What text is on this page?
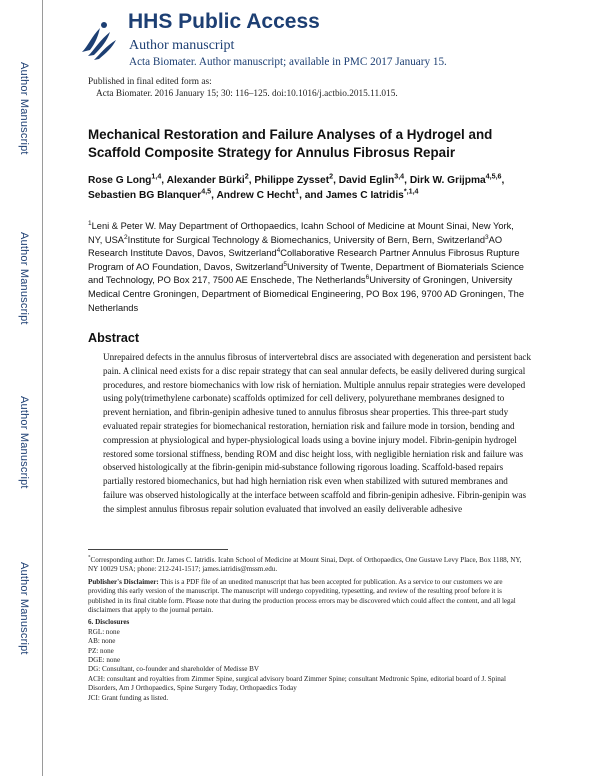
Author Manuscript
Author Manuscript
Author Manuscript
Author Manuscript
HHS Public Access
Author manuscript
Acta Biomater. Author manuscript; available in PMC 2017 January 15.
Published in final edited form as:
Acta Biomater. 2016 January 15; 30: 116–125. doi:10.1016/j.actbio.2015.11.015.
Mechanical Restoration and Failure Analyses of a Hydrogel and Scaffold Composite Strategy for Annulus Fibrosus Repair
Rose G Long$^{1,4}$, Alexander Bürki$^2$, Philippe Zysset$^2$, David Eglin$^{3,4}$, Dirk W. Grijpma$^{4,5,6}$, Sebastien BG Blanquer$^{4,5}$, Andrew C Hecht$^1$, and James C Iatridis$^{*,1,4}$
$^1$Leni & Peter W. May Department of Orthopaedics, Icahn School of Medicine at Mount Sinai, New York, NY, USA$^2$Institute for Surgical Technology & Biomechanics, University of Bern, Bern, Switzerland$^3$AO Research Institute Davos, Davos, Switzerland$^4$Collaborative Research Partner Annulus Fibrosus Rupture Program of AO Foundation, Davos, Switzerland$^5$University of Twente, Department of Biomaterials Science and Technology, PO Box 217, 7500 AE Enschede, The Netherlands$^6$University of Groningen, University Medical Centre Groningen, Department of Biomedical Engineering, PO Box 196, 9700 AD Groningen, The Netherlands
Abstract
Unrepaired defects in the annulus fibrosus of intervertebral discs are associated with degeneration and persistent back pain. A clinical need exists for a disc repair strategy that can seal annular defects, be easily delivered during surgical procedures, and restore biomechanics with low risk of herniation. Multiple annulus repair strategies were developed using poly(trimethylene carbonate) scaffolds optimized for cell delivery, polyurethane membranes designed to prevent herniation, and fibrin-genipin adhesive tuned to annulus fibrosus shear properties. This three-part study evaluated repair strategies for biomechanical restoration, herniation risk and failure mode in torsion, bending and compression at physiological and hyper-physiological loads using a bovine injury model. Fibrin-genipin hydrogel restored some torsional stiffness, bending ROM and disc height loss, with negligible herniation risk and failure was observed histologically at the fibrin-genipin mid-substance following rigorous loading. Scaffold-based repairs partially restored biomechanics, but had high herniation risk even when stabilized with sutured membranes and failure was observed histologically at the interface between scaffold and fibrin-genipin adhesive. Fibrin-genipin was the simplest annulus fibrosus repair solution evaluated that involved an easily deliverable adhesive

*Corresponding author: Dr. James C. Iatridis. Icahn School of Medicine at Mount Sinai, Dept. of Orthopaedics, One Gustave Levy Place, Box 1188, NY, NY 10029 USA; phone: 212-241-1517; james.iatridis@mssm.edu.

Publisher's Disclaimer: This is a PDF file of an unedited manuscript that has been accepted for publication. As a service to our customers we are providing this early version of the manuscript. The manuscript will undergo copyediting, typesetting, and review of the resulting proof before it is published in its final citable form. Please note that during the production process errors may be discovered which could affect the content, and all legal disclaimers that apply to the journal pertain.

6. Disclosures

RGL: none

AB: none

PZ: none

DGE: none

DG: Consultant, co-founder and shareholder of Medisse BV

ACH: consultant and royalties from Zimmer Spine, surgical advisory board Zimmer Spine; consultant Medtronic Spine, editorial board of J. Spinal Disorders, Am J Orthopaedics, Spine Surgery Today, Orthopaedics Today

JCI: Grant funding as listed.
